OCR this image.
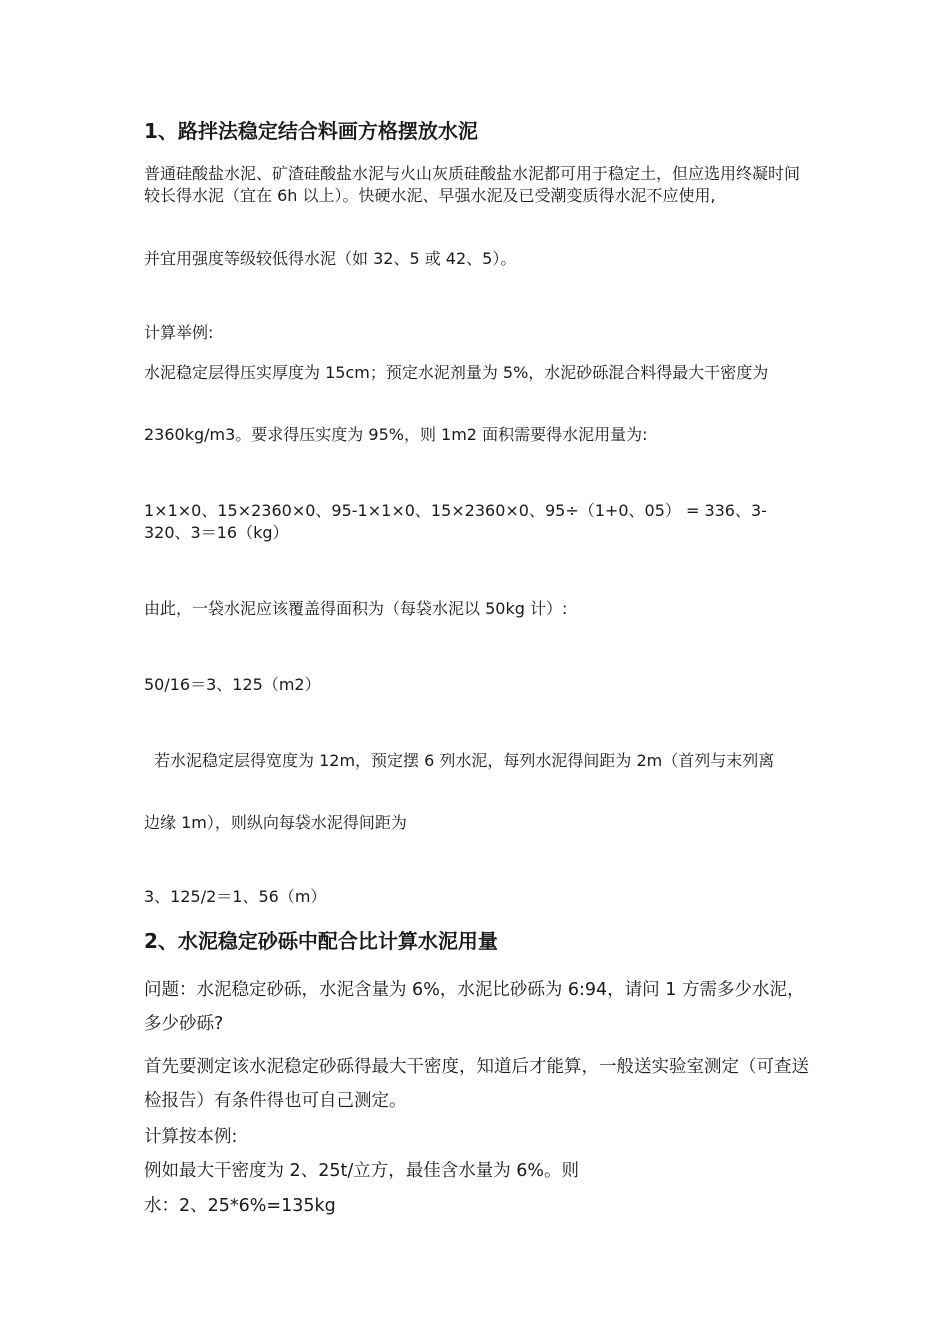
1、路拌法稳定结合料画方格摆放水泥

普通硅酸盐水泥、矿渣硅酸盐水泥与火山灰质硅酸盐水泥都可用于稳定土，但应选用终凝时间较长得水泥（宜在 6h 以上）。快硬水泥、早强水泥及已受潮变质得水泥不应使用,

并宜用强度等级较低得水泥（如 32、5 或 42、5）。

计算举例:

水泥稳定层得压实厚度为 15cm；预定水泥剂量为 5%，水泥砂砾混合料得最大干密度为

2360kg/m3。要求得压实度为 95%，则 1m2 面积需要得水泥用量为:

1×1×0、15×2360×0、95-1×1×0、15×2360×0、95÷（1+0、05） = 336、3-320、3＝16（kg）

由此，一袋水泥应该覆盖得面积为（每袋水泥以 50kg 计）:

50/16＝3、125（m2）

若水泥稳定层得宽度为 12m，预定摆 6 列水泥，每列水泥得间距为 2m（首列与末列离

边缘 1m），则纵向每袋水泥得间距为

3、125/2＝1、56（m）

2、水泥稳定砂砾中配合比计算水泥用量

问题：水泥稳定砂砾，水泥含量为 6%，水泥比砂砾为 6:94，请问 1 方需多少水泥，多少砂砾?

首先要测定该水泥稳定砂砾得最大干密度，知道后才能算，一般送实验室测定（可查送检报告）有条件得也可自己测定。

计算按本例:

例如最大干密度为 2、25t/立方，最佳含水量为 6%。则

水：2、25*6%=135kg
